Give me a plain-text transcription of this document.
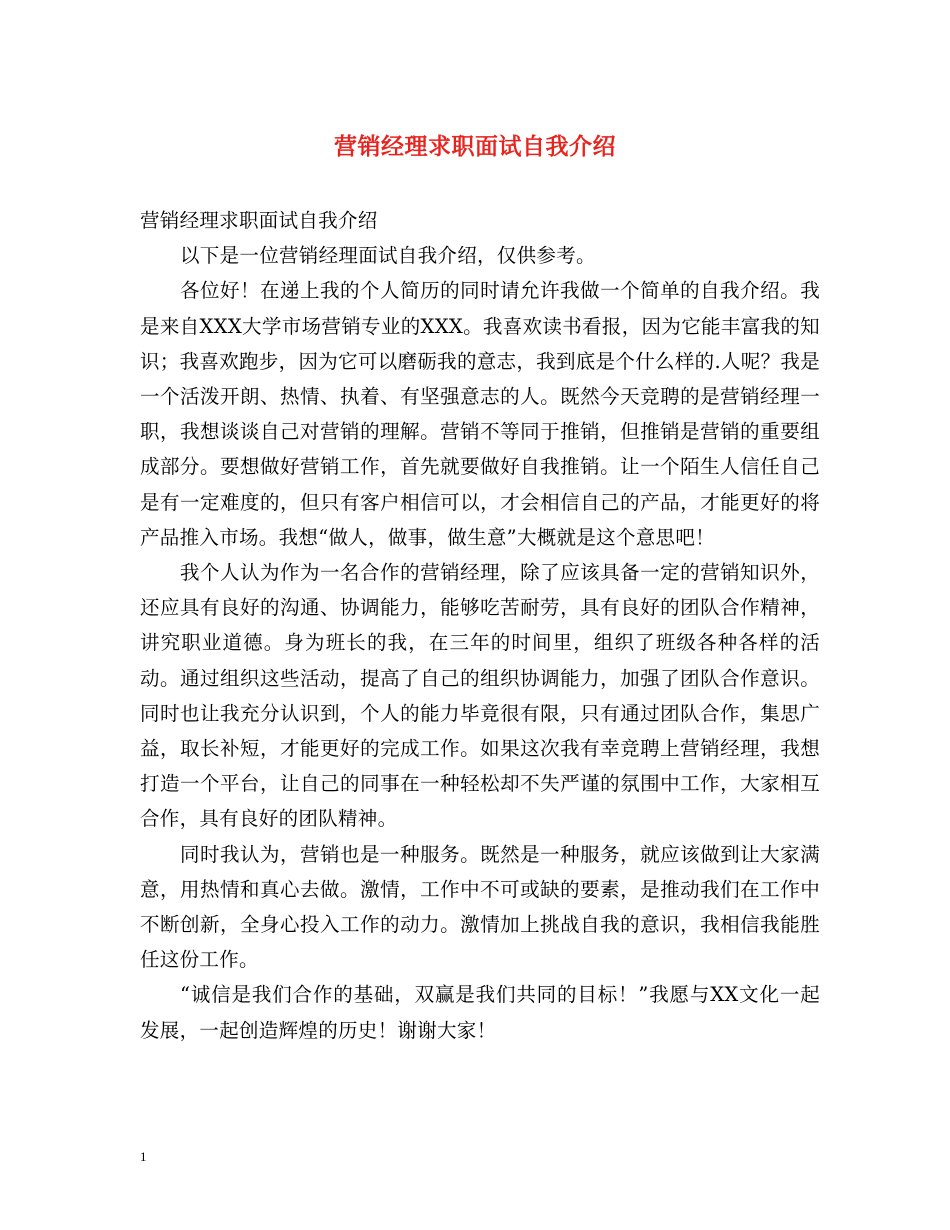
营销经理求职面试自我介绍

营销经理求职面试自我介绍

以下是一位营销经理面试自我介绍，仅供参考。

各位好！在递上我的个人简历的同时请允许我做一个简单的自我介绍。我是来自XXX大学市场营销专业的XXX。我喜欢读书看报，因为它能丰富我的知识；我喜欢跑步，因为它可以磨砺我的意志，我到底是个什么样的.人呢？我是一个活泼开朗、热情、执着、有坚强意志的人。既然今天竞聘的是营销经理一职，我想谈谈自己对营销的理解。营销不等同于推销，但推销是营销的重要组成部分。要想做好营销工作，首先就要做好自我推销。让一个陌生人信任自己是有一定难度的，但只有客户相信可以，才会相信自己的产品，才能更好的将产品推入市场。我想“做人，做事，做生意”大概就是这个意思吧！

我个人认为作为一名合作的营销经理，除了应该具备一定的营销知识外，还应具有良好的沟通、协调能力，能够吃苦耐劳，具有良好的团队合作精神，讲究职业道德。身为班长的我，在三年的时间里，组织了班级各种各样的活动。通过组织这些活动，提高了自己的组织协调能力，加强了团队合作意识。同时也让我充分认识到，个人的能力毕竟很有限，只有通过团队合作，集思广益，取长补短，才能更好的完成工作。如果这次我有幸竞聘上营销经理，我想打造一个平台，让自己的同事在一种轻松却不失严谨的氛围中工作，大家相互合作，具有良好的团队精神。

同时我认为，营销也是一种服务。既然是一种服务，就应该做到让大家满意，用热情和真心去做。激情，工作中不可或缺的要素，是推动我们在工作中不断创新，全身心投入工作的动力。激情加上挑战自我的意识，我相信我能胜任这份工作。

“诚信是我们合作的基础，双赢是我们共同的目标！”我愿与XX文化一起发展，一起创造辉煌的历史！谢谢大家！

1
